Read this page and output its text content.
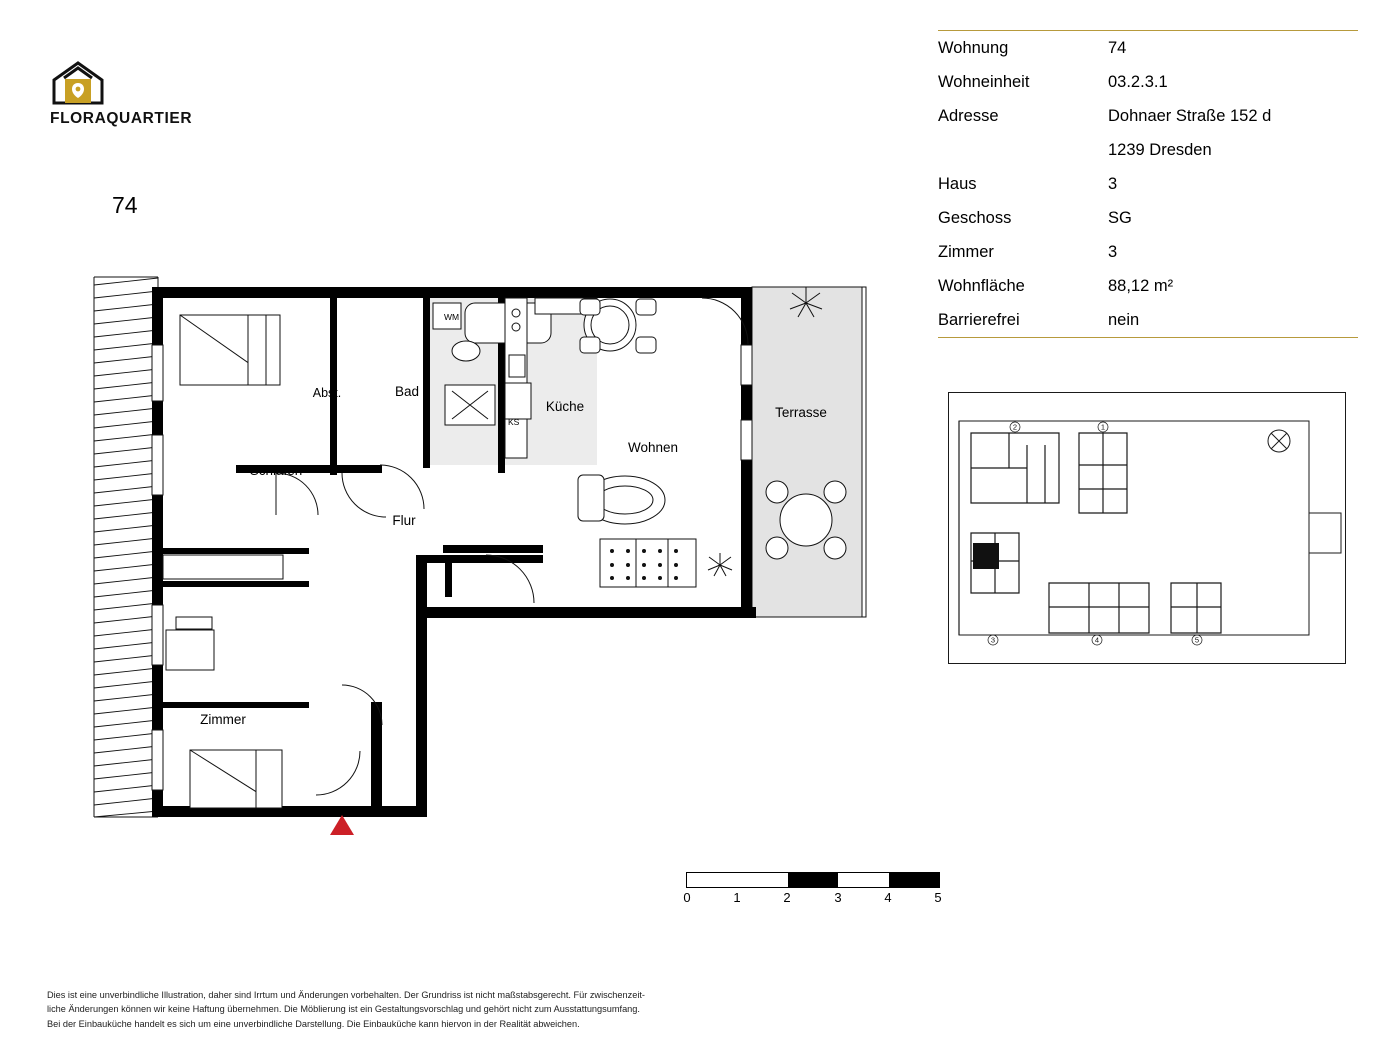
FLORAQUARTIER
74
Wohnung	74
Wohneinheit	03.2.3.1
Adresse	Dohnaer Straße 152 d
	1239 Dresden
Haus	3
Geschoss	SG
Zimmer	3
Wohnfläche	88,12 m²
Barrierefrei	nein
WM
KS
Schlafen
Abst.	Bad
Küche
Wohnen
Terrasse
Flur
Zimmer
2	1
3	4	5
0	1	2	3	4	5
Dies ist eine unverbindliche Illustration, daher sind Irrtum und Änderungen vorbehalten. Der Grundriss ist nicht maßstabsgerecht. Für zwischenzeit-
liche Änderungen können wir keine Haftung übernehmen. Die Möblierung ist ein Gestaltungsvorschlag und gehört nicht zum Ausstattungsumfang.
Bei der Einbauküche handelt es sich um eine unverbindliche Darstellung. Die Einbauküche kann hiervon in der Realität abweichen.
